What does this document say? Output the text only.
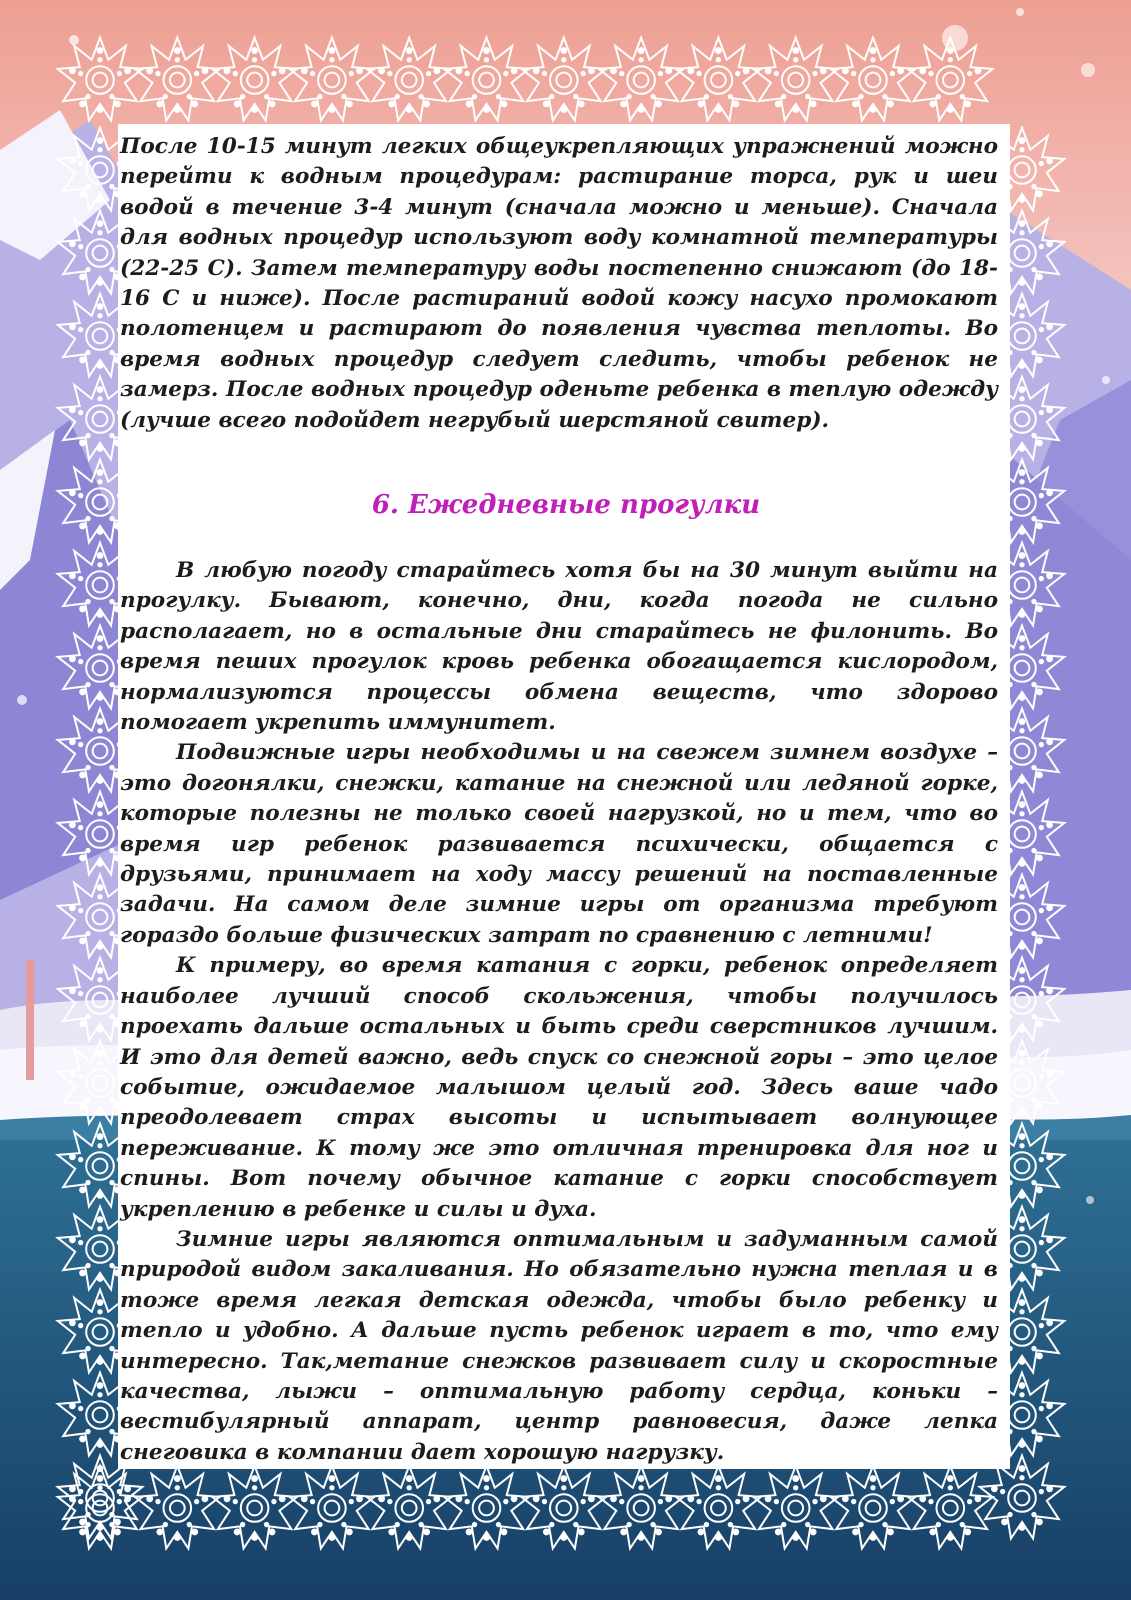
После 10-15 минут легких общеукрепляющих упражнений можно перейти к водным процедурам: растирание торса, рук и шеи водой в течение 3-4 минут (сначала можно и меньше). Сначала для водных процедур используют воду комнатной температуры (22-25 С). Затем температуру воды постепенно снижают (до 18-16 С и ниже). После растираний водой кожу насухо промокают полотенцем и растирают до появления чувства теплоты. Во время водных процедур следует следить, чтобы ребенок не замерз. После водных процедур оденьте ребенка в теплую одежду (лучше всего подойдет негрубый шерстяной свитер).

6. Ежедневные прогулки

В любую погоду старайтесь хотя бы на 30 минут выйти на прогулку. Бывают, конечно, дни, когда погода не сильно располагает, но в остальные дни старайтесь не филонить. Во время пеших прогулок кровь ребенка обогащается кислородом, нормализуются процессы обмена веществ, что здорово помогает укрепить иммунитет.

Подвижные игры необходимы и на свежем зимнем воздухе – это догонялки, снежки, катание на снежной или ледяной горке, которые полезны не только своей нагрузкой, но и тем, что во время игр ребенок развивается психически, общается с друзьями, принимает на ходу массу решений на поставленные задачи. На самом деле зимние игры от организма требуют гораздо больше физических затрат по сравнению с летними!

К примеру, во время катания с горки, ребенок определяет наиболее лучший способ скольжения, чтобы получилось проехать дальше остальных и быть среди сверстников лучшим. И это для детей важно, ведь спуск со снежной горы – это целое событие, ожидаемое малышом целый год. Здесь ваше чадо преодолевает страх высоты и испытывает волнующее переживание. К тому же это отличная тренировка для ног и спины. Вот почему обычное катание с горки способствует укреплению в ребенке и силы и духа.

Зимние игры являются оптимальным и задуманным самой природой видом закаливания. Но обязательно нужна теплая и в тоже время легкая детская одежда, чтобы было ребенку и тепло и удобно. А дальше пусть ребенок играет в то, что ему интересно. Так,метание снежков развивает силу и скоростные качества, лыжи – оптимальную работу сердца, коньки – вестибулярный аппарат, центр равновесия, даже лепка снеговика в компании дает хорошую нагрузку.
